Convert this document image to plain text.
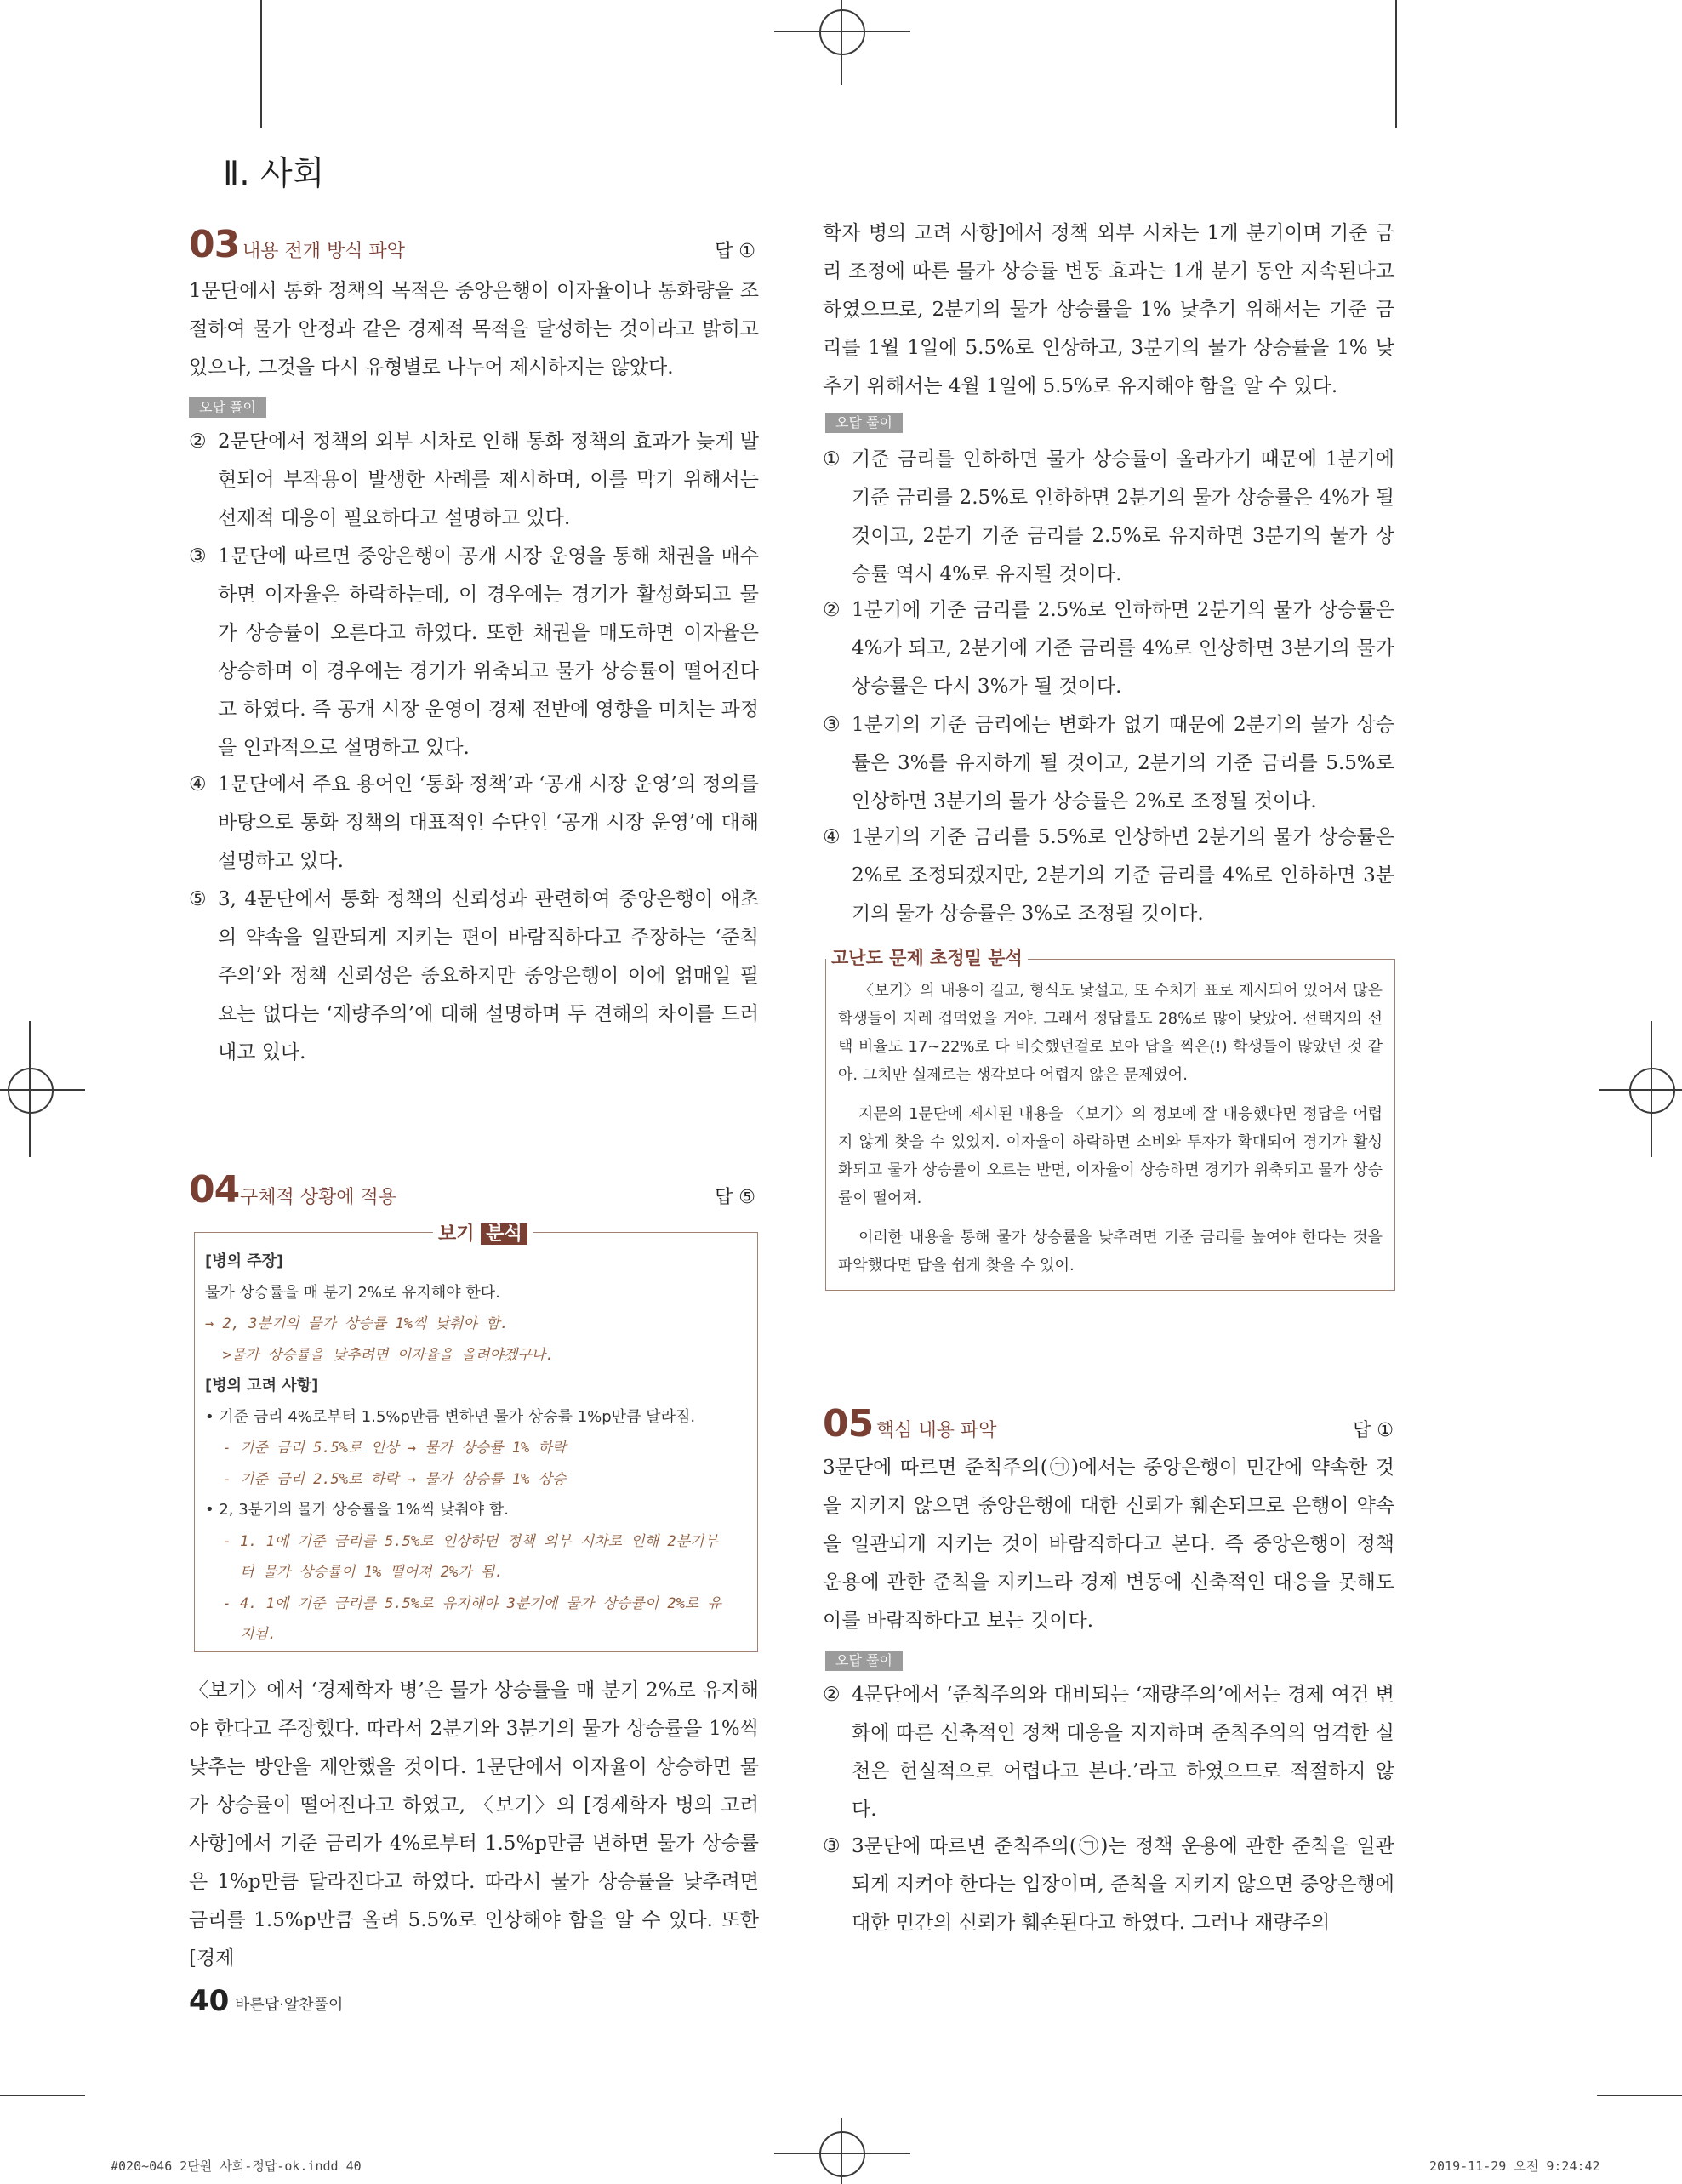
Ⅱ. 사회
03 내용 전개 방식 파악	답 ①
1문단에서 통화 정책의 목적은 중앙은행이 이자율이나 통화량을 조절하여 물가 안정과 같은 경제적 목적을 달성하는 것이라고 밝히고 있으나, 그것을 다시 유형별로 나누어 제시하지는 않았다.
오답 풀이
② 2문단에서 정책의 외부 시차로 인해 통화 정책의 효과가 늦게 발현되어 부작용이 발생한 사례를 제시하며, 이를 막기 위해서는 선제적 대응이 필요하다고 설명하고 있다.
③ 1문단에 따르면 중앙은행이 공개 시장 운영을 통해 채권을 매수하면 이자율은 하락하는데, 이 경우에는 경기가 활성화되고 물가 상승률이 오른다고 하였다. 또한 채권을 매도하면 이자율은 상승하며 이 경우에는 경기가 위축되고 물가 상승률이 떨어진다고 하였다. 즉 공개 시장 운영이 경제 전반에 영향을 미치는 과정을 인과적으로 설명하고 있다.
④ 1문단에서 주요 용어인 ‘통화 정책’과 ‘공개 시장 운영’의 정의를 바탕으로 통화 정책의 대표적인 수단인 ‘공개 시장 운영’에 대해 설명하고 있다.
⑤ 3, 4문단에서 통화 정책의 신뢰성과 관련하여 중앙은행이 애초의 약속을 일관되게 지키는 편이 바람직하다고 주장하는 ‘준칙주의’와 정책 신뢰성은 중요하지만 중앙은행이 이에 얽매일 필요는 없다는 ‘재량주의’에 대해 설명하며 두 견해의 차이를 드러내고 있다.
04 구체적 상황에 적용	답 ⑤
보기 분석
[병의 주장]
물가 상승률을 매 분기 2%로 유지해야 한다.
→ 2, 3분기의 물가 상승률 1%씩 낮춰야 함.
>물가 상승률을 낮추려면 이자율을 올려야겠구나.
[병의 고려 사항]
• 기준 금리 4%로부터 1.5%p만큼 변하면 물가 상승률 1%p만큼 달라짐.
- 기준 금리 5.5%로 인상 → 물가 상승률 1% 하락
- 기준 금리 2.5%로 하락 → 물가 상승률 1% 상승
• 2, 3분기의 물가 상승률을 1%씩 낮춰야 함.
- 1. 1에 기준 금리를 5.5%로 인상하면 정책 외부 시차로 인해 2분기부
터 물가 상승률이 1% 떨어져 2%가 됨.
- 4. 1에 기준 금리를 5.5%로 유지해야 3분기에 물가 상승률이 2%로 유
지됨.
〈보기〉에서 ‘경제학자 병’은 물가 상승률을 매 분기 2%로 유지해야 한다고 주장했다. 따라서 2분기와 3분기의 물가 상승률을 1%씩 낮추는 방안을 제안했을 것이다. 1문단에서 이자율이 상승하면 물가 상승률이 떨어진다고 하였고, 〈보기〉의 [경제학자 병의 고려 사항]에서 기준 금리가 4%로부터 1.5%p만큼 변하면 물가 상승률은 1%p만큼 달라진다고 하였다. 따라서 물가 상승률을 낮추려면 금리를 1.5%p만큼 올려 5.5%로 인상해야 함을 알 수 있다. 또한 [경제
학자 병의 고려 사항]에서 정책 외부 시차는 1개 분기이며 기준 금리 조정에 따른 물가 상승률 변동 효과는 1개 분기 동안 지속된다고 하였으므로, 2분기의 물가 상승률을 1% 낮추기 위해서는 기준 금리를 1월 1일에 5.5%로 인상하고, 3분기의 물가 상승률을 1% 낮추기 위해서는 4월 1일에 5.5%로 유지해야 함을 알 수 있다.
오답 풀이
① 기준 금리를 인하하면 물가 상승률이 올라가기 때문에 1분기에 기준 금리를 2.5%로 인하하면 2분기의 물가 상승률은 4%가 될 것이고, 2분기 기준 금리를 2.5%로 유지하면 3분기의 물가 상승률 역시 4%로 유지될 것이다.
② 1분기에 기준 금리를 2.5%로 인하하면 2분기의 물가 상승률은 4%가 되고, 2분기에 기준 금리를 4%로 인상하면 3분기의 물가 상승률은 다시 3%가 될 것이다.
③ 1분기의 기준 금리에는 변화가 없기 때문에 2분기의 물가 상승률은 3%를 유지하게 될 것이고, 2분기의 기준 금리를 5.5%로 인상하면 3분기의 물가 상승률은 2%로 조정될 것이다.
④ 1분기의 기준 금리를 5.5%로 인상하면 2분기의 물가 상승률은 2%로 조정되겠지만, 2분기의 기준 금리를 4%로 인하하면 3분기의 물가 상승률은 3%로 조정될 것이다.
고난도 문제 초정밀 분석
〈보기〉의 내용이 길고, 형식도 낯설고, 또 수치가 표로 제시되어 있어서 많은 학생들이 지레 겁먹었을 거야. 그래서 정답률도 28%로 많이 낮았어. 선택지의 선택 비율도 17~22%로 다 비슷했던걸로 보아 답을 찍은(!) 학생들이 많았던 것 같아. 그치만 실제로는 생각보다 어렵지 않은 문제였어.
지문의 1문단에 제시된 내용을 〈보기〉의 정보에 잘 대응했다면 정답을 어렵지 않게 찾을 수 있었지. 이자율이 하락하면 소비와 투자가 확대되어 경기가 활성화되고 물가 상승률이 오르는 반면, 이자율이 상승하면 경기가 위축되고 물가 상승률이 떨어져.
이러한 내용을 통해 물가 상승률을 낮추려면 기준 금리를 높여야 한다는 것을 파악했다면 답을 쉽게 찾을 수 있어.
05 핵심 내용 파악	답 ①
3문단에 따르면 준칙주의(㉠)에서는 중앙은행이 민간에 약속한 것을 지키지 않으면 중앙은행에 대한 신뢰가 훼손되므로 은행이 약속을 일관되게 지키는 것이 바람직하다고 본다. 즉 중앙은행이 정책 운용에 관한 준칙을 지키느라 경제 변동에 신축적인 대응을 못해도 이를 바람직하다고 보는 것이다.
오답 풀이
② 4문단에서 ‘준칙주의와 대비되는 ‘재량주의’에서는 경제 여건 변화에 따른 신축적인 정책 대응을 지지하며 준칙주의의 엄격한 실천은 현실적으로 어렵다고 본다.’라고 하였으므로 적절하지 않다.
③ 3문단에 따르면 준칙주의(㉠)는 정책 운용에 관한 준칙을 일관되게 지켜야 한다는 입장이며, 준칙을 지키지 않으면 중앙은행에 대한 민간의 신뢰가 훼손된다고 하였다. 그러나 재량주의
40 바른답·알찬풀이
#020~046 2단원 사회-정답-ok.indd 40	2019-11-29 오전 9:24:42
